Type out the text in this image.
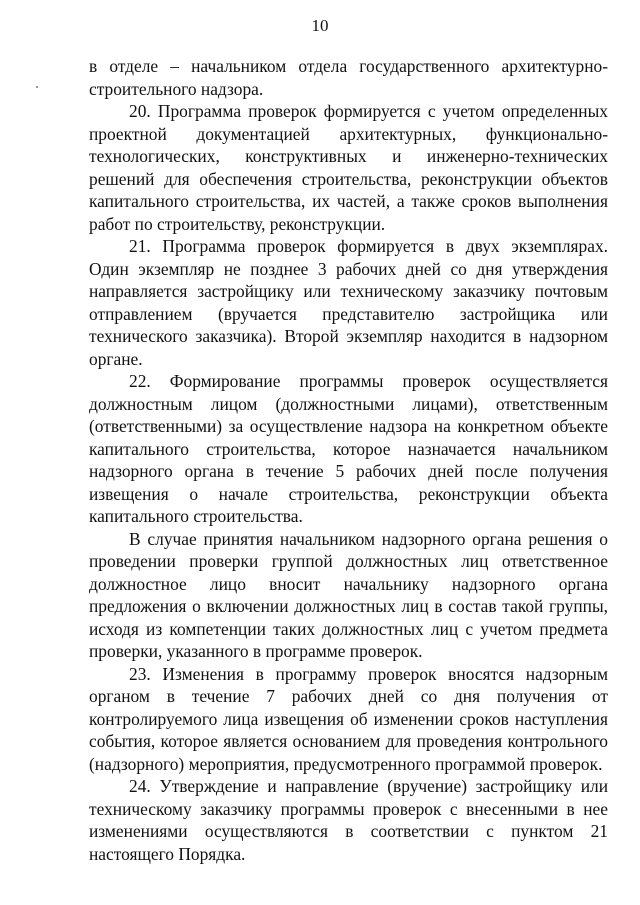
10

в отделе – начальником отдела государственного архитектурно-строительного надзора.

20. Программа проверок формируется с учетом определенных проектной документацией архитектурных, функционально-технологических, конструктивных и инженерно-технических решений для обеспечения строительства, реконструкции объектов капитального строительства, их частей, а также сроков выполнения работ по строительству, реконструкции.

21. Программа проверок формируется в двух экземплярах. Один экземпляр не позднее 3 рабочих дней со дня утверждения направляется застройщику или техническому заказчику почтовым отправлением (вручается представителю застройщика или технического заказчика). Второй экземпляр находится в надзорном органе.

22. Формирование программы проверок осуществляется должностным лицом (должностными лицами), ответственным (ответственными) за осуществление надзора на конкретном объекте капитального строительства, которое назначается начальником надзорного органа в течение 5 рабочих дней после получения извещения о начале строительства, реконструкции объекта капитального строительства.

В случае принятия начальником надзорного органа решения о проведении проверки группой должностных лиц ответственное должностное лицо вносит начальнику надзорного органа предложения о включении должностных лиц в состав такой группы, исходя из компетенции таких должностных лиц с учетом предмета проверки, указанного в программе проверок.

23. Изменения в программу проверок вносятся надзорным органом в течение 7 рабочих дней со дня получения от контролируемого лица извещения об изменении сроков наступления события, которое является основанием для проведения контрольного (надзорного) мероприятия, предусмотренного программой проверок.

24. Утверждение и направление (вручение) застройщику или техническому заказчику программы проверок с внесенными в нее изменениями осуществляются в соответствии с пунктом 21 настоящего Порядка.
